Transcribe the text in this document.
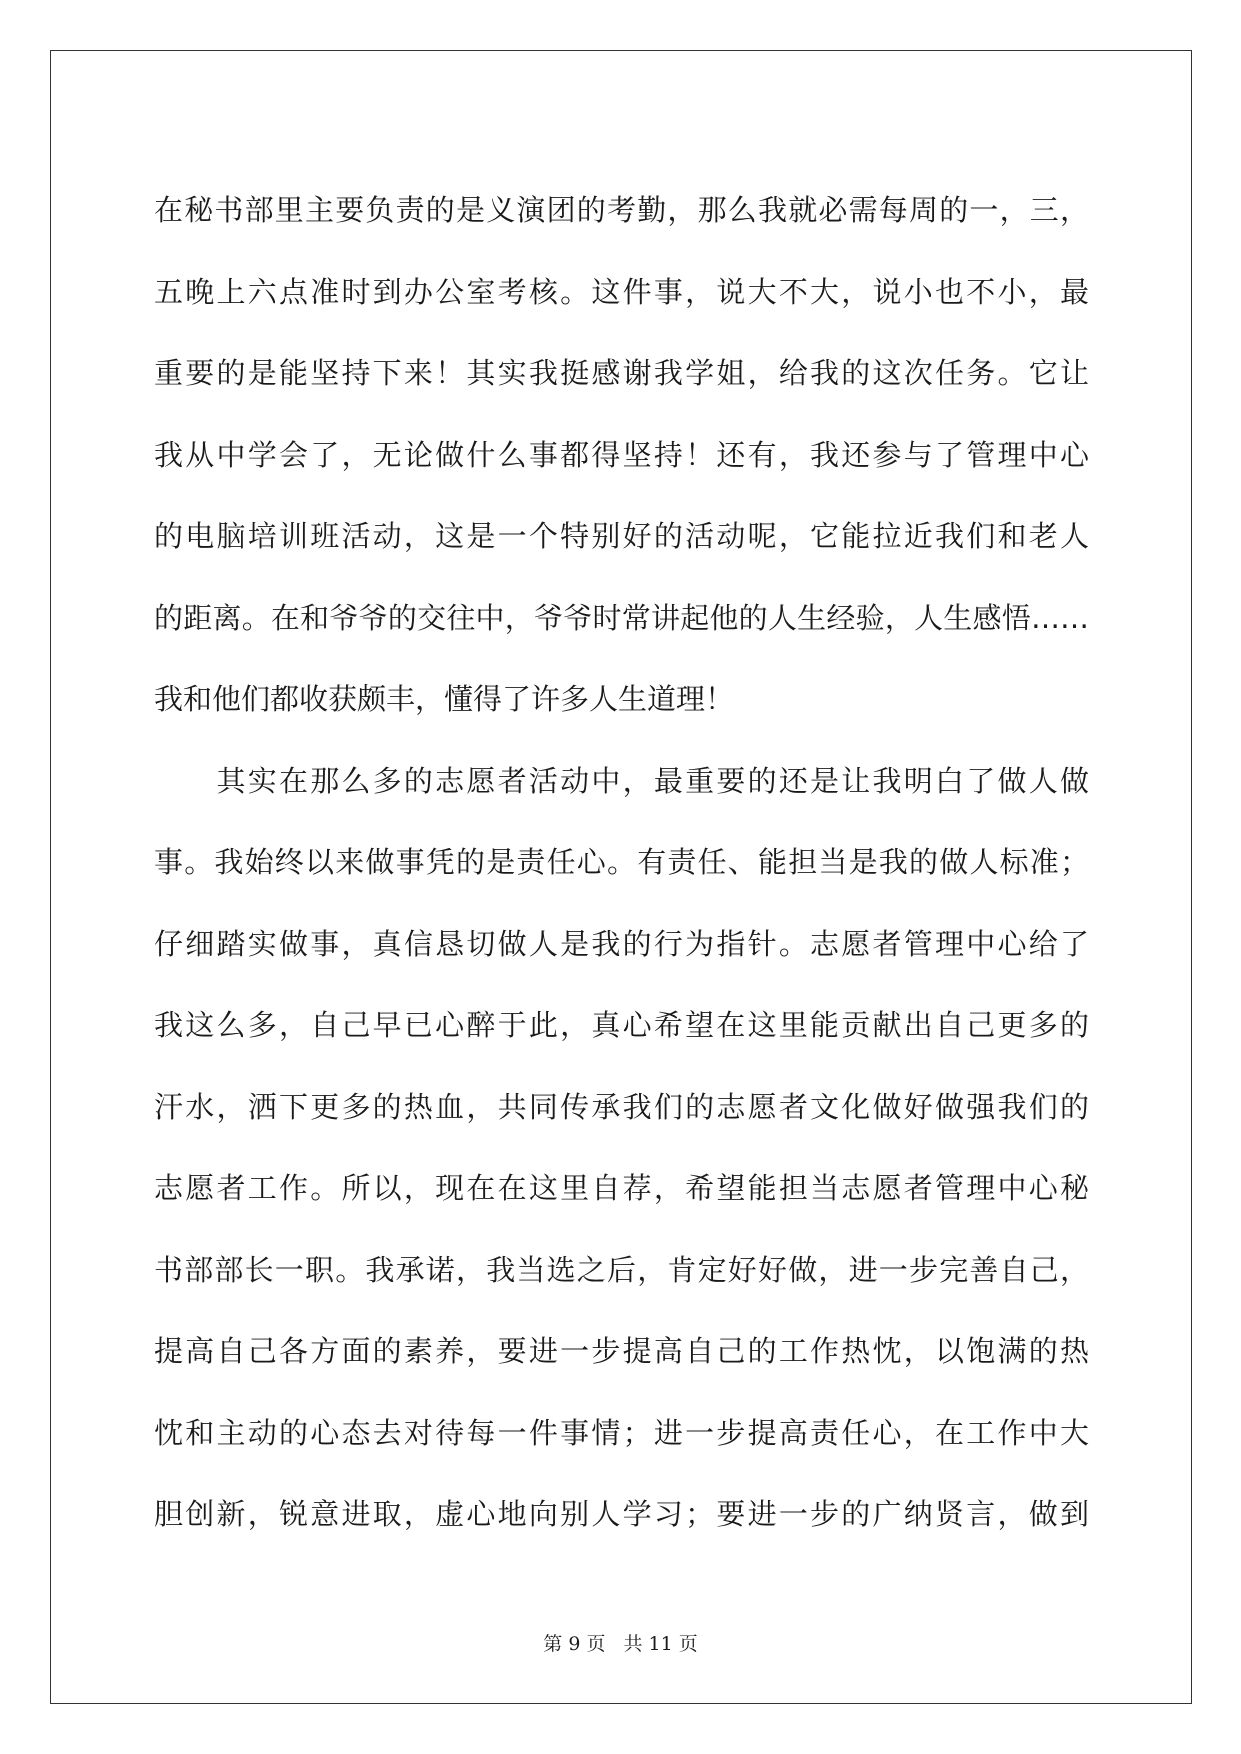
在秘书部里主要负责的是义演团的考勤，那么我就必需每周的一，三，

五晚上六点准时到办公室考核。这件事，说大不大，说小也不小，最

重要的是能坚持下来！其实我挺感谢我学姐，给我的这次任务。它让

我从中学会了，无论做什么事都得坚持！还有，我还参与了管理中心

的电脑培训班活动，这是一个特别好的活动呢，它能拉近我们和老人

的距离。在和爷爷的交往中，爷爷时常讲起他的人生经验，人生感悟……

我和他们都收获颇丰，懂得了许多人生道理！

　　其实在那么多的志愿者活动中，最重要的还是让我明白了做人做

事。我始终以来做事凭的是责任心。有责任、能担当是我的做人标准；

仔细踏实做事，真信恳切做人是我的行为指针。志愿者管理中心给了

我这么多，自己早已心醉于此，真心希望在这里能贡献出自己更多的

汗水，洒下更多的热血，共同传承我们的志愿者文化做好做强我们的

志愿者工作。所以，现在在这里自荐，希望能担当志愿者管理中心秘

书部部长一职。我承诺，我当选之后，肯定好好做，进一步完善自己，

提高自己各方面的素养，要进一步提高自己的工作热忱，以饱满的热

忱和主动的心态去对待每一件事情；进一步提高责任心，在工作中大

胆创新，锐意进取，虚心地向别人学习；要进一步的广纳贤言，做到

第 9 页 共 11 页
